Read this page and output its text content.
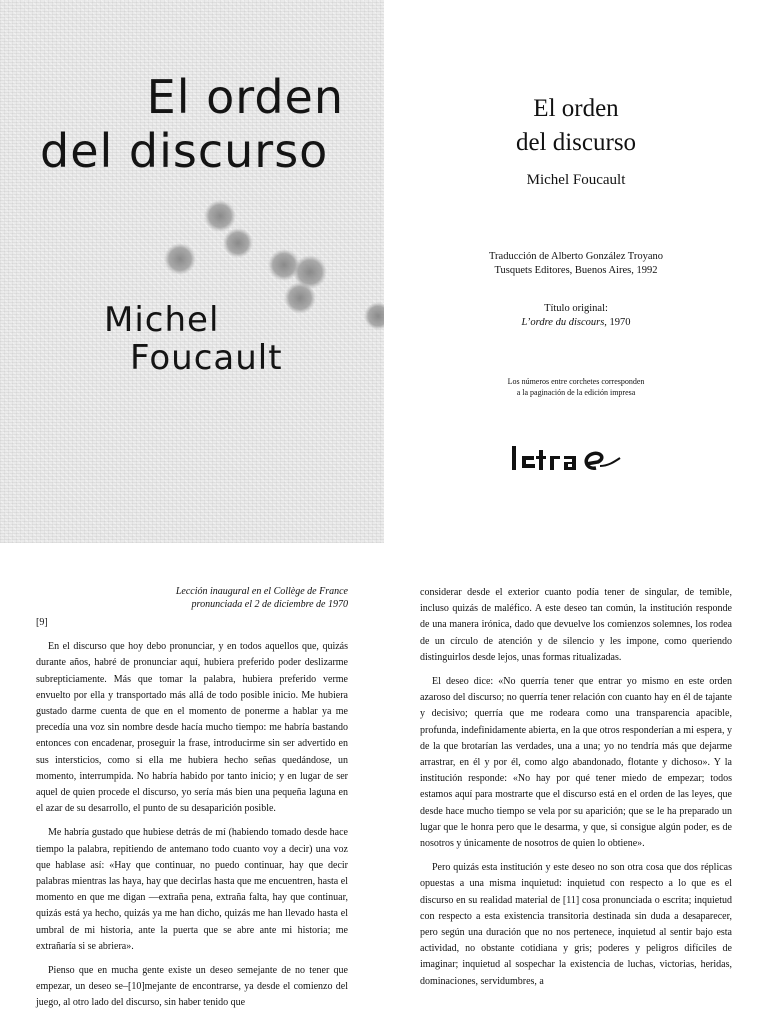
El orden
del discurso
Michel
Foucault
El orden
del discurso
Michel Foucault
Traducción de Alberto González Troyano
Tusquets Editores, Buenos Aires, 1992
Título original:
L’ordre du discours, 1970
Los números entre corchetes corresponden
a la paginación de la edición impresa
Lección inaugural en el Collège de France
pronunciada el 2 de diciembre de 1970
[9]

En el discurso que hoy debo pronunciar, y en todos aquellos que, quizás durante años, habré de pronunciar aquí, hubiera preferido poder deslizarme subrepticiamente. Más que tomar la palabra, hubiera preferido verme envuelto por ella y transportado más allá de todo posible inicio. Me hubiera gustado darme cuenta de que en el momento de ponerme a hablar ya me precedía una voz sin nombre desde hacía mucho tiempo: me habría bastando entonces con encadenar, proseguir la frase, introducirme sin ser advertido en sus intersticios, como si ella me hubiera hecho señas quedándose, un momento, interrumpida. No habría habido por tanto inicio; y en lugar de ser aquel de quien procede el discurso, yo sería más bien una pequeña laguna en el azar de su desarrollo, el punto de su desaparición posible.

Me habría gustado que hubiese detrás de mí (habiendo tomado desde hace tiempo la palabra, repitiendo de antemano todo cuanto voy a decir) una voz que hablase así: «Hay que continuar, no puedo continuar, hay que decir palabras mientras las haya, hay que decirlas hasta que me encuentren, hasta el momento en que me digan —extraña pena, extraña falta, hay que continuar, quizás está ya hecho, quizás ya me han dicho, quizás me han llevado hasta el umbral de mi historia, ante la puerta que se abre ante mi historia; me extrañaría si se abriera».

Pienso que en mucha gente existe un deseo semejante de no tener que empezar, un deseo se–[10]mejante de encontrarse, ya desde el comienzo del juego, al otro lado del discurso, sin haber tenido que

considerar desde el exterior cuanto podía tener de singular, de temible, incluso quizás de maléfico. A este deseo tan común, la institución responde de una manera irónica, dado que devuelve los comienzos solemnes, los rodea de un círculo de atención y de silencio y les impone, como queriendo distinguirlos desde lejos, unas formas ritualizadas.

El deseo dice: «No querría tener que entrar yo mismo en este orden azaroso del discurso; no querría tener relación con cuanto hay en él de tajante y decisivo; querría que me rodeara como una transparencia apacible, profunda, indefinidamente abierta, en la que otros responderían a mi espera, y de la que brotarían las verdades, una a una; yo no tendría más que dejarme arrastrar, en él y por él, como algo abandonado, flotante y dichoso». Y la institución responde: «No hay por qué tener miedo de empezar; todos estamos aquí para mostrarte que el discurso está en el orden de las leyes, que desde hace mucho tiempo se vela por su aparición; que se le ha preparado un lugar que le honra pero que le desarma, y que, si consigue algún poder, es de nosotros y únicamente de nosotros de quien lo obtiene».

Pero quizás esta institución y este deseo no son otra cosa que dos réplicas opuestas a una misma inquietud: inquietud con respecto a lo que es el discurso en su realidad material de [11] cosa pronunciada o escrita; inquietud con respecto a esta existencia transitoria destinada sin duda a desaparecer, pero según una duración que no nos pertenece, inquietud al sentir bajo esta actividad, no obstante cotidiana y gris; poderes y peligros difíciles de imaginar; inquietud al sospechar la existencia de luchas, victorias, heridas, dominaciones, servidumbres, a
